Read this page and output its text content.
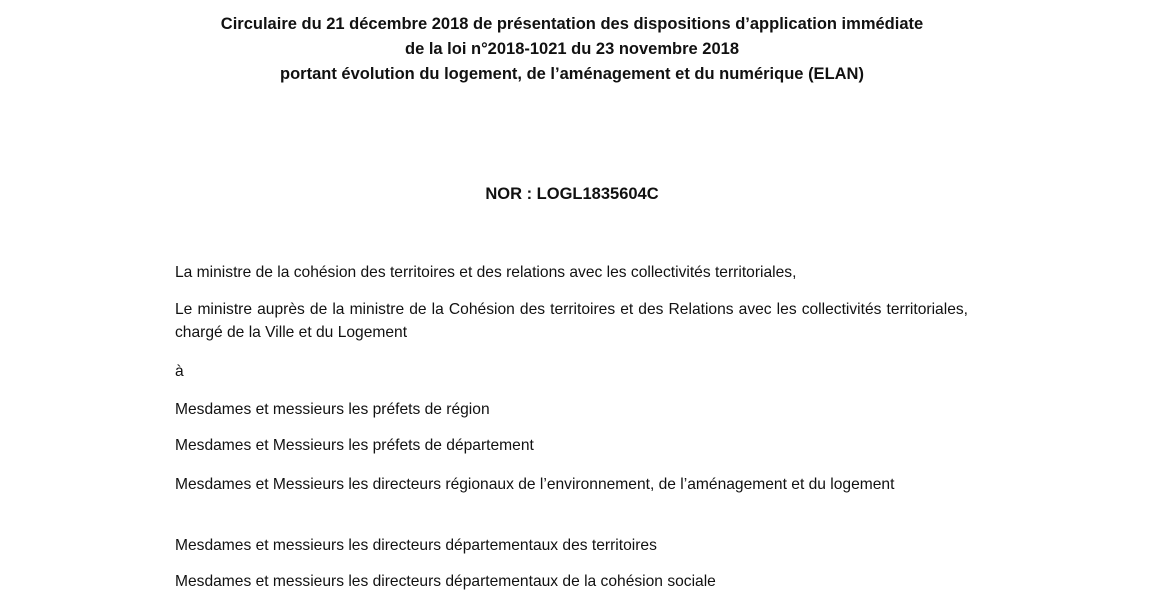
Circulaire du 21 décembre 2018 de présentation des dispositions d’application immédiate
de la loi n°2018-1021 du 23 novembre 2018
portant évolution du logement, de l’aménagement et du numérique (ELAN)
NOR : LOGL1835604C
La ministre de la cohésion des territoires et des relations avec les collectivités territoriales,
Le ministre auprès de la ministre de la Cohésion des territoires et des Relations avec les collectivités territoriales, chargé de la Ville et du Logement
à
Mesdames et messieurs les préfets de région
Mesdames et Messieurs les préfets de département
Mesdames et Messieurs les directeurs régionaux de l’environnement, de l’aménagement et du logement
Mesdames et messieurs les directeurs départementaux des territoires
Mesdames et messieurs les directeurs départementaux de la cohésion sociale
